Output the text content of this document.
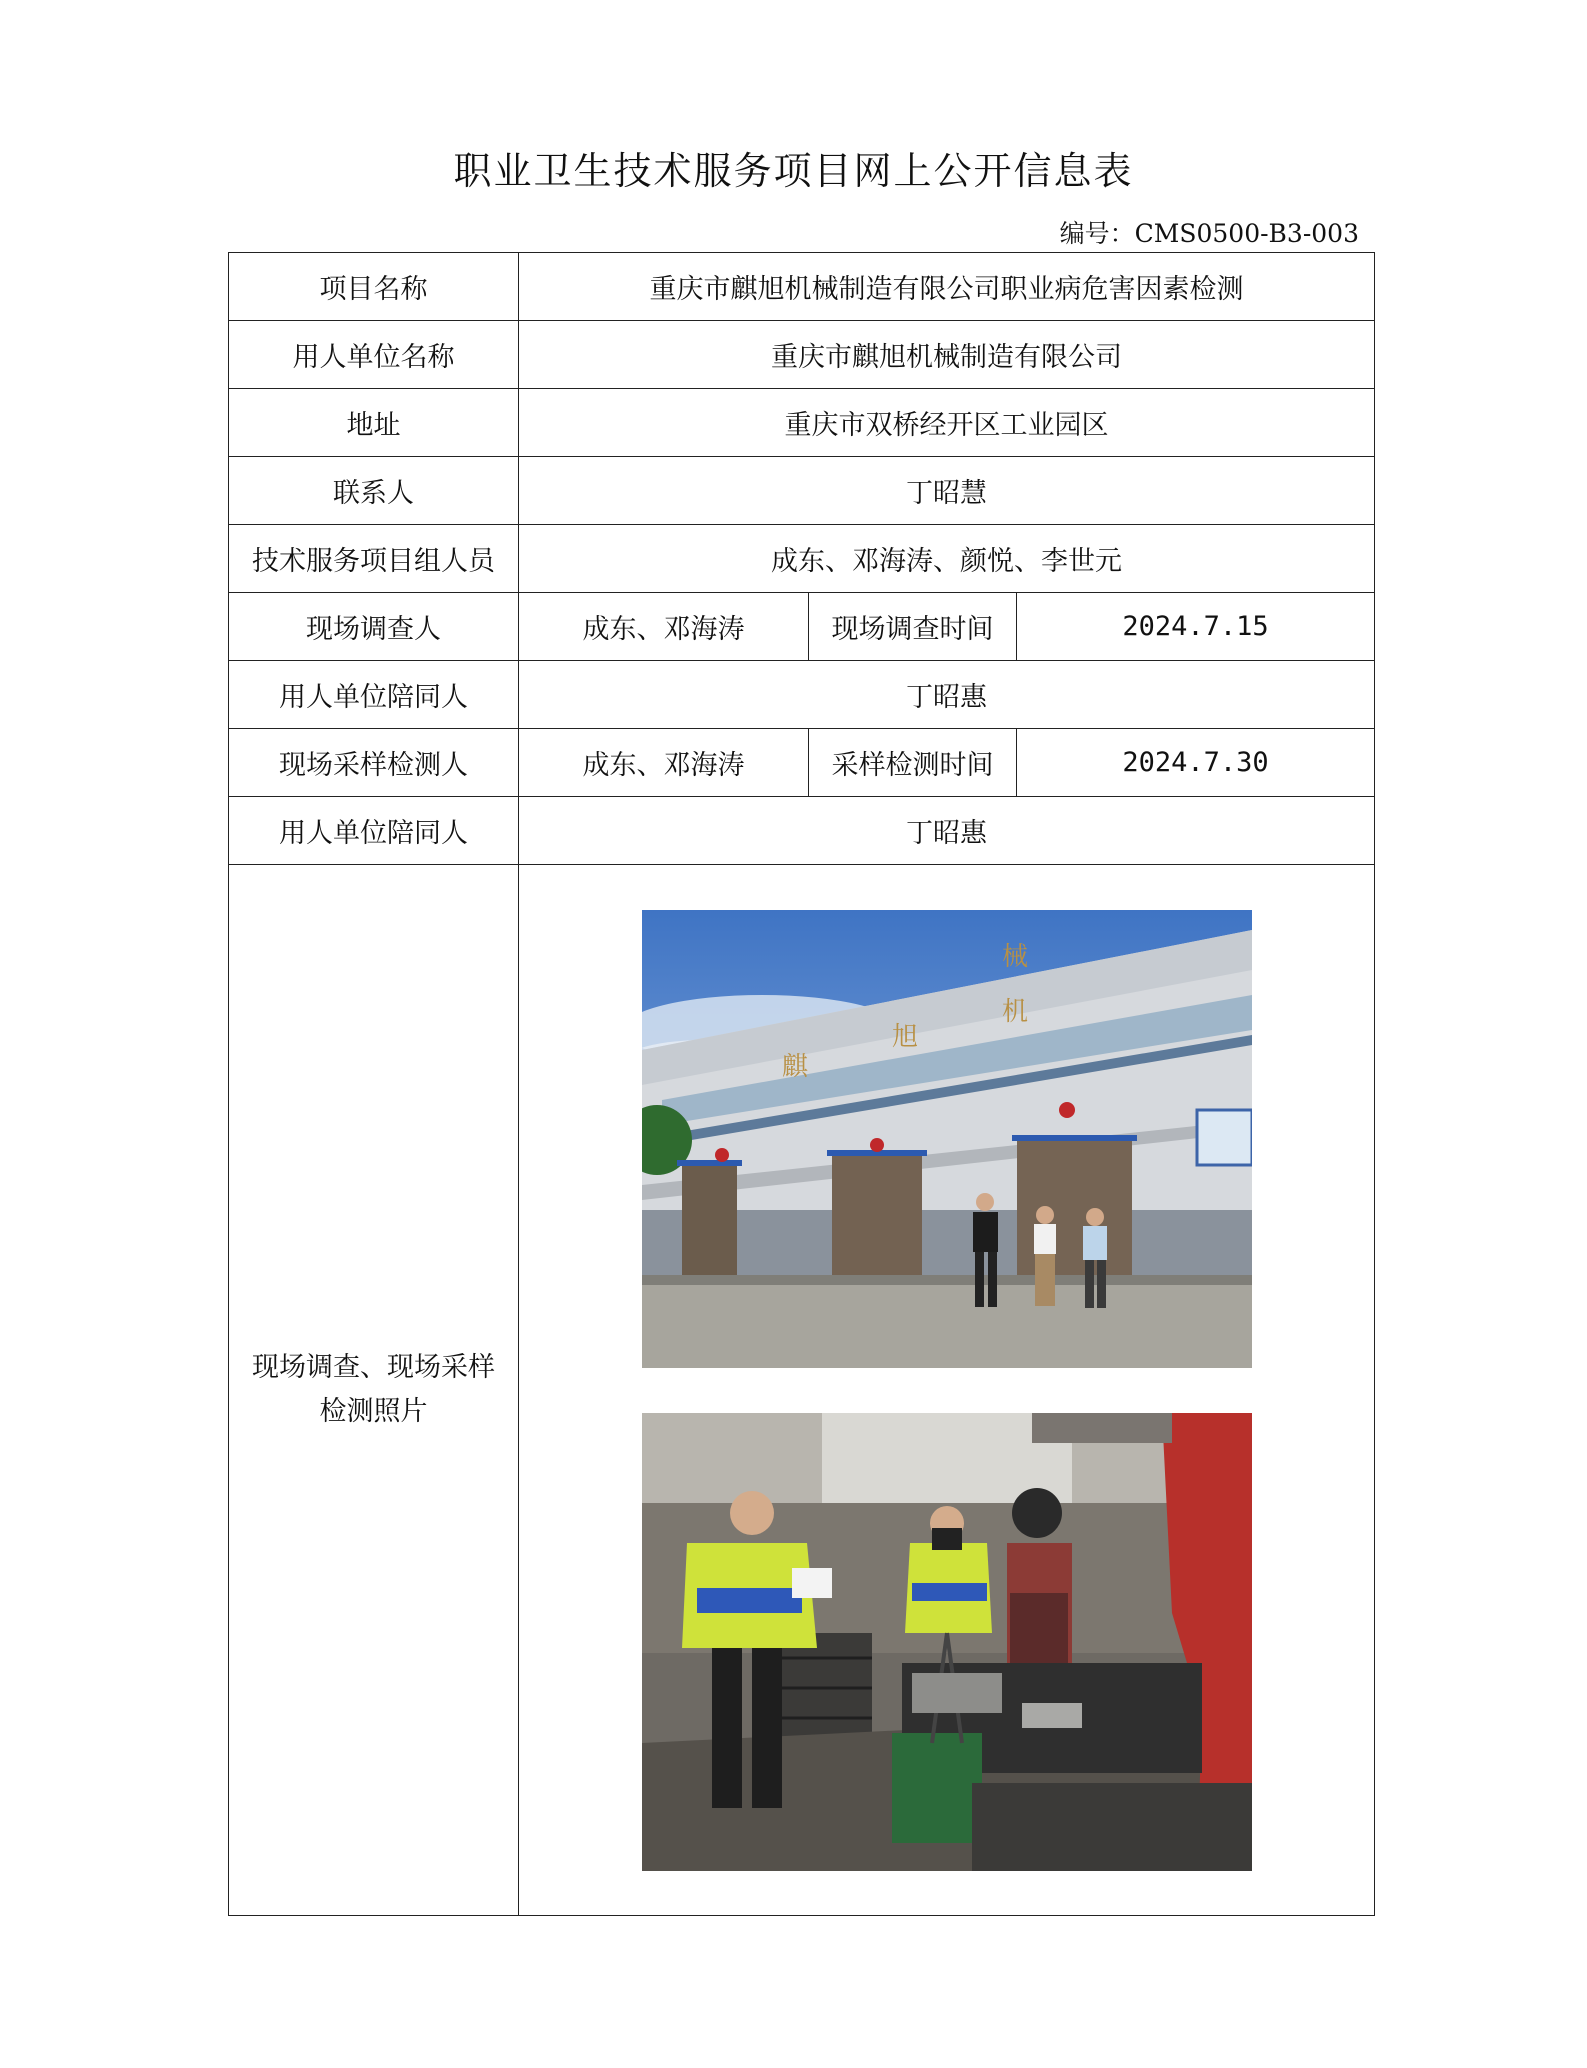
职业卫生技术服务项目网上公开信息表
编号：CMS0500-B3-003
项目名称	重庆市麒旭机械制造有限公司职业病危害因素检测		
用人单位名称	重庆市麒旭机械制造有限公司		
地址	重庆市双桥经开区工业园区		
联系人	丁昭慧		
技术服务项目组人员	成东、邓海涛、颜悦、李世元		
现场调查人	成东、邓海涛	现场调查时间	2024.7.15
用人单位陪同人	丁昭惠		
现场采样检测人	成东、邓海涛	采样检测时间	2024.7.30
用人单位陪同人	丁昭惠		
现场调查、现场采样检测照片	麒
旭
机
械		
